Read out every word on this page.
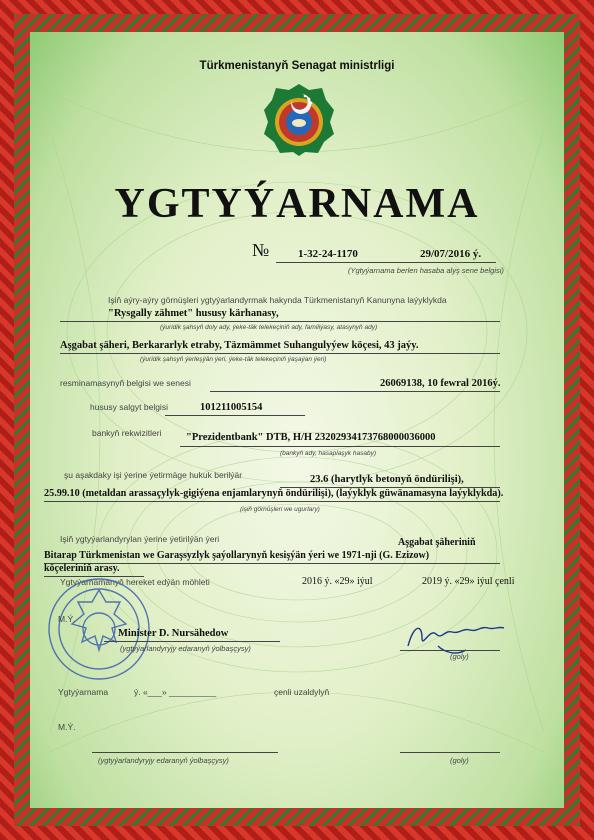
Türkmenistanyň Senagat ministrligi
YGTYÝARNAMA
№	1-32-24-1170	29/07/2016 ý.
(Ygtyýarnama berlen hasaba alyş sene belgisi)
Işiň aýry-aýry görnüşleri ygtyýarlandyrmak hakynda Türkmenistanyň Kanunyna laýyklykda
"Rysgally zähmet" hususy kärhanasy,
(ýuridik şahsyň doly ady, ýeke-täk telekeçiniň ady, familiýasy, atasynyň ady)
Aşgabat şäheri, Berkararlyk etraby, Täzmämmet Suhangulyýew köçesi, 43 jaýy.
(ýuridik şahsyň ýerleşýän ýeri, ýeke-täk telekeçiniň ýaşaýan ýeri)
resminamasynyň belgisi we senesi	26069138, 10 fewral 2016ý.
hususy salgyt belgisi	101211005154
bankyň rekwizitleri "Prezidentbank" DTB, H/H 23202934173768000036000
(bankyň ady, hasaplaşyk hasaby)
şu aşakdaky işi ýerine ýetirmäge hukuk berilýär	23.6 (harytlyk betonyň öndürilişi),
25.99.10 (metaldan arassaçylyk-gigiýena enjamlarynyň öndürilişi), (laýyklyk güwänamasyna laýyklykda).
(işiň görnüşleri we ugurlary)
Işiň ygtyýarlandyrylan ýerine ýetirilýän ýeri	Aşgabat şäheriniň
Bitarap Türkmenistan we Garaşsyzlyk şaýollarynyň kesişýän ýeri we 1971-nji (G. Ezizow)
köçeleriniň arasy.
Ygtyýarnamanyň hereket edýän möhleti	2016 ý. «29» iýul	2019 ý. «29» iýul çenli
M.Ý.
Minister D. Nursähedow
(ygtyýarlandyryjy edaranyň ýolbaşçysy)
(goly)
Ygtyýarnama	ý. «___» __________	çenli uzaldylyň
M.Ý.
(ygtyýarlandyryjy edaranyň ýolbaşçysy)	(goly)
